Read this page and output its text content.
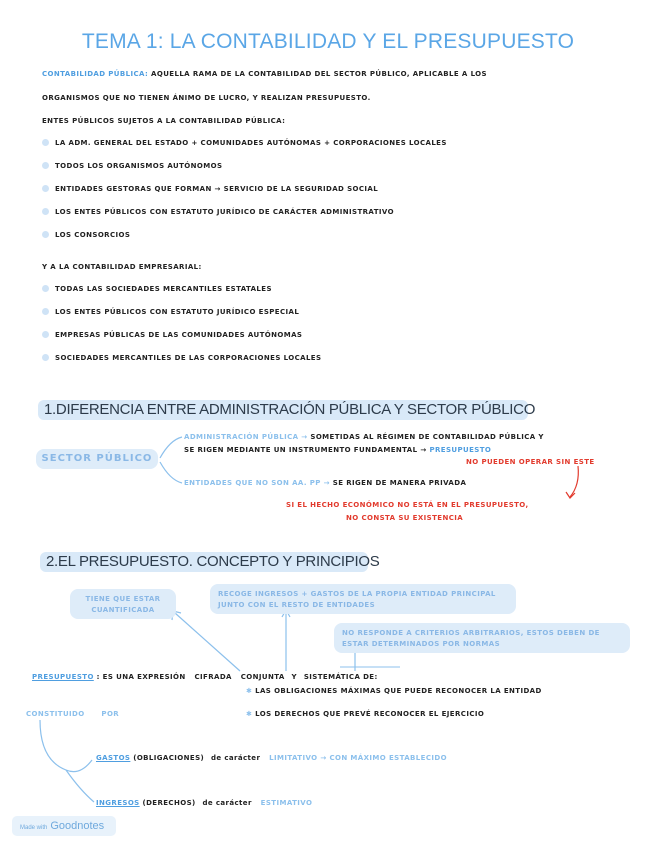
TEMA 1: LA CONTABILIDAD Y EL PRESUPUESTO
CONTABILIDAD PÚBLICA: AQUELLA RAMA DE LA CONTABILIDAD DEL SECTOR PÚBLICO, APLICABLE A LOS
ORGANISMOS QUE NO TIENEN ÁNIMO DE LUCRO, Y REALIZAN PRESUPUESTO.
ENTES PÚBLICOS SUJETOS A LA CONTABILIDAD PÚBLICA:
LA ADM. GENERAL DEL ESTADO + COMUNIDADES AUTÓNOMAS + CORPORACIONES LOCALES
TODOS LOS ORGANISMOS AUTÓNOMOS
ENTIDADES GESTORAS QUE FORMAN → SERVICIO DE LA SEGURIDAD SOCIAL
LOS ENTES PÚBLICOS CON ESTATUTO JURÍDICO DE CARÁCTER ADMINISTRATIVO
LOS CONSORCIOS
Y A LA CONTABILIDAD EMPRESARIAL:
TODAS LAS SOCIEDADES MERCANTILES ESTATALES
LOS ENTES PÚBLICOS CON ESTATUTO JURÍDICO ESPECIAL
EMPRESAS PÚBLICAS DE LAS COMUNIDADES AUTÓNOMAS
SOCIEDADES MERCANTILES DE LAS CORPORACIONES LOCALES
1.DIFERENCIA ENTRE ADMINISTRACIÓN PÚBLICA Y SECTOR PÚBLICO
SECTOR PÚBLICO
ADMINISTRACIÓN PÚBLICA → SOMETIDAS AL RÉGIMEN DE CONTABILIDAD PÚBLICA Y
SE RIGEN MEDIANTE UN INSTRUMENTO FUNDAMENTAL → PRESUPUESTO
NO PUEDEN OPERAR SIN ESTE
ENTIDADES QUE NO SON AA. PP → SE RIGEN DE MANERA PRIVADA
SI EL HECHO ECONÓMICO NO ESTÁ EN EL PRESUPUESTO,
NO CONSTA SU EXISTENCIA
2.EL PRESUPUESTO. CONCEPTO Y PRINCIPIOS
TIENE QUE ESTAR
CUANTIFICADA
RECOGE INGRESOS + GASTOS DE LA PROPIA ENTIDAD PRINCIPAL
JUNTO CON EL RESTO DE ENTIDADES
NO RESPONDE A CRITERIOS ARBITRARIOS, ESTOS DEBEN DE
ESTAR DETERMINADOS POR NORMAS
PRESUPUESTO : ES UNA EXPRESIÓN CIFRADA CONJUNTA Y SISTEMÁTICA DE:
✱ LAS OBLIGACIONES MÁXIMAS QUE PUEDE RECONOCER LA ENTIDAD
✱ LOS DERECHOS QUE PREVÉ RECONOCER EL EJERCICIO
CONSTITUIDO POR
GASTOS (OBLIGACIONES) de carácter LIMITATIVO → CON MÁXIMO ESTABLECIDO
INGRESOS (DERECHOS) de carácter ESTIMATIVO
Made with Goodnotes
